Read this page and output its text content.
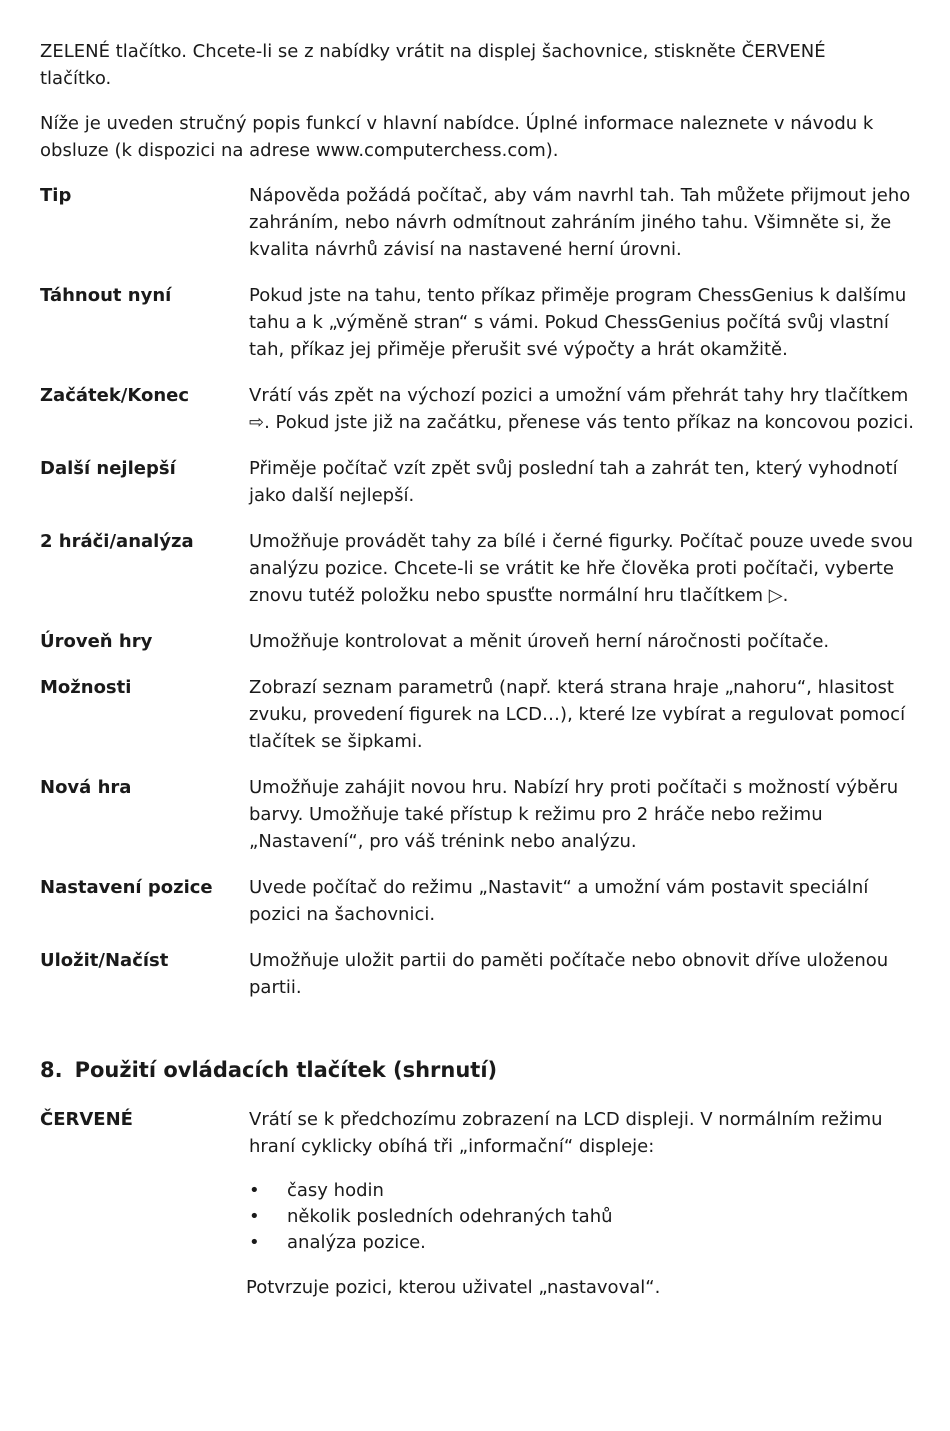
ZELENÉ tlačítko. Chcete-li se z nabídky vrátit na displej šachovnice, stiskněte ČERVENÉ tlačítko.

Níže je uveden stručný popis funkcí v hlavní nabídce. Úplné informace naleznete v návodu k obsluze (k dispozici na adrese www.computerchess.com).

Tip	Nápověda požádá počítač, aby vám navrhl tah. Tah můžete přijmout jeho zahráním, nebo návrh odmítnout zahráním jiného tahu. Všimněte si, že kvalita návrhů závisí na nastavené herní úrovni.
Táhnout nyní	Pokud jste na tahu, tento příkaz přiměje program ChessGenius k dalšímu tahu a k „výměně stran“ s vámi. Pokud ChessGenius počítá svůj vlastní tah, příkaz jej přiměje přerušit své výpočty a hrát okamžitě.
Začátek/Konec	Vrátí vás zpět na výchozí pozici a umožní vám přehrát tahy hry tlačítkem ⇨. Pokud jste již na začátku, přenese vás tento příkaz na koncovou pozici.
Další nejlepší	Přiměje počítač vzít zpět svůj poslední tah a zahrát ten, který vyhodnotí jako další nejlepší.
2 hráči/analýza	Umožňuje provádět tahy za bílé i černé figurky. Počítač pouze uvede svou analýzu pozice. Chcete-li se vrátit ke hře člověka proti počítači, vyberte znovu tutéž položku nebo spusťte normální hru tlačítkem ▷.
Úroveň hry	Umožňuje kontrolovat a měnit úroveň herní náročnosti počítače.
Možnosti	Zobrazí seznam parametrů (např. která strana hraje „nahoru“, hlasitost zvuku, provedení figurek na LCD…), které lze vybírat a regulovat pomocí tlačítek se šipkami.
Nová hra	Umožňuje zahájit novou hru. Nabízí hry proti počítači s možností výběru barvy. Umožňuje také přístup k režimu pro 2 hráče nebo režimu „Nastavení“, pro váš trénink nebo analýzu.
Nastavení pozice	Uvede počítač do režimu „Nastavit“ a umožní vám postavit speciální pozici na šachovnici.
Uložit/Načíst	Umožňuje uložit partii do paměti počítače nebo obnovit dříve uloženou partii.
8. Použití ovládacích tlačítek (shrnutí)
ČERVENÉ	Vrátí se k předchozímu zobrazení na LCD displeji. V normálním režimu hraní cyklicky obíhá tři „informační“ displeje:
• časy hodin
• několik posledních odehraných tahů
• analýza pozice.
Potvrzuje pozici, kterou uživatel „nastavoval“.
